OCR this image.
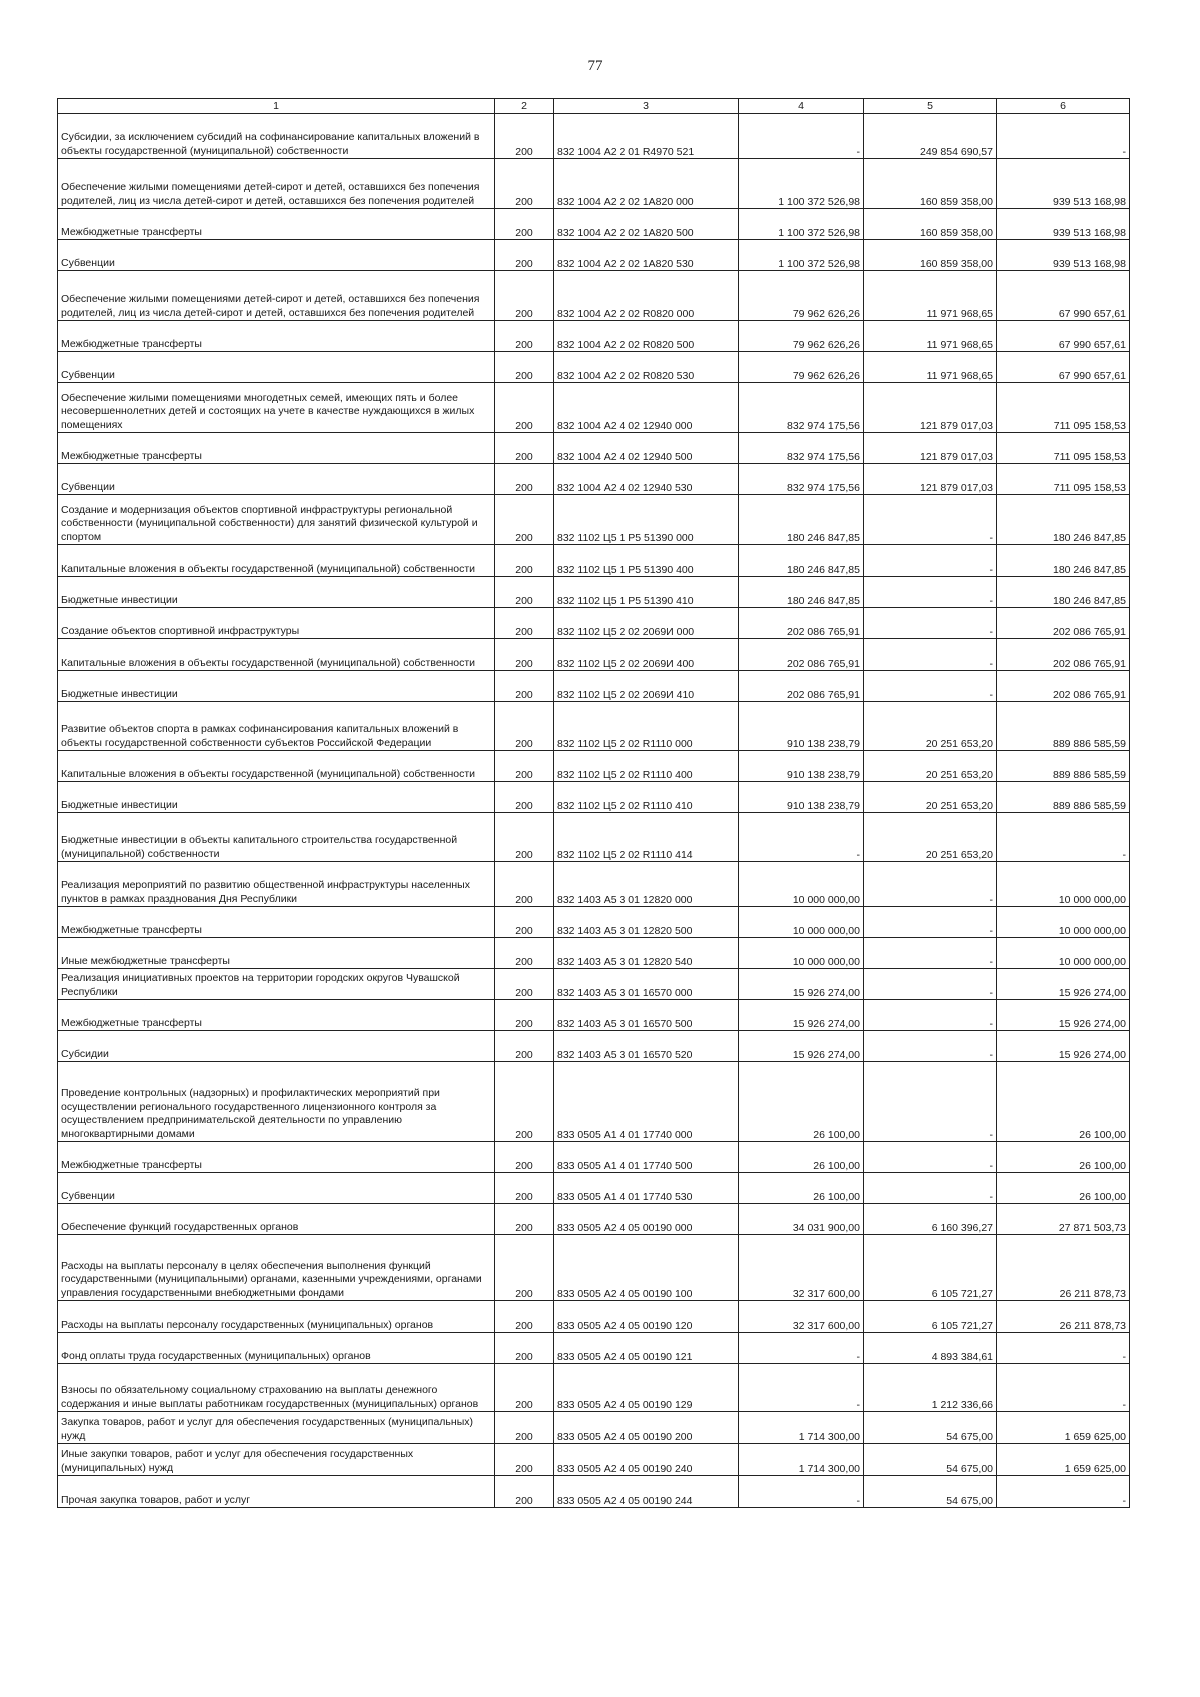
77
1	2	3	4	5	6
Субсидии, за исключением субсидий на софинансирование капитальных вложений в объекты государственной (муниципальной) собственности	200	832 1004 А2 2 01 R4970 521	-	249 854 690,57	-
Обеспечение жилыми помещениями детей-сирот и детей, оставшихся без попечения родителей, лиц из числа детей-сирот и детей, оставшихся без попечения родителей	200	832 1004 А2 2 02 1А820 000	1 100 372 526,98	160 859 358,00	939 513 168,98
Межбюджетные трансферты	200	832 1004 А2 2 02 1А820 500	1 100 372 526,98	160 859 358,00	939 513 168,98
Субвенции	200	832 1004 А2 2 02 1А820 530	1 100 372 526,98	160 859 358,00	939 513 168,98
Обеспечение жилыми помещениями детей-сирот и детей, оставшихся без попечения родителей, лиц из числа детей-сирот и детей, оставшихся без попечения родителей	200	832 1004 А2 2 02 R0820 000	79 962 626,26	11 971 968,65	67 990 657,61
Межбюджетные трансферты	200	832 1004 А2 2 02 R0820 500	79 962 626,26	11 971 968,65	67 990 657,61
Субвенции	200	832 1004 А2 2 02 R0820 530	79 962 626,26	11 971 968,65	67 990 657,61
Обеспечение жилыми помещениями многодетных семей, имеющих пять и более несовершеннолетних детей и состоящих на учете в качестве нуждающихся в жилых помещениях	200	832 1004 А2 4 02 12940 000	832 974 175,56	121 879 017,03	711 095 158,53
Межбюджетные трансферты	200	832 1004 А2 4 02 12940 500	832 974 175,56	121 879 017,03	711 095 158,53
Субвенции	200	832 1004 А2 4 02 12940 530	832 974 175,56	121 879 017,03	711 095 158,53
Создание и модернизация объектов спортивной инфраструктуры региональной собственности (муниципальной собственности) для занятий физической культурой и спортом	200	832 1102 Ц5 1 Р5 51390 000	180 246 847,85	-	180 246 847,85
Капитальные вложения в объекты государственной (муниципальной) собственности	200	832 1102 Ц5 1 Р5 51390 400	180 246 847,85	-	180 246 847,85
Бюджетные инвестиции	200	832 1102 Ц5 1 Р5 51390 410	180 246 847,85	-	180 246 847,85
Создание объектов спортивной инфраструктуры	200	832 1102 Ц5 2 02 2069И 000	202 086 765,91	-	202 086 765,91
Капитальные вложения в объекты государственной (муниципальной) собственности	200	832 1102 Ц5 2 02 2069И 400	202 086 765,91	-	202 086 765,91
Бюджетные инвестиции	200	832 1102 Ц5 2 02 2069И 410	202 086 765,91	-	202 086 765,91
Развитие объектов спорта в рамках софинансирования капитальных вложений в объекты государственной собственности субъектов Российской Федерации	200	832 1102 Ц5 2 02 R1110 000	910 138 238,79	20 251 653,20	889 886 585,59
Капитальные вложения в объекты государственной (муниципальной) собственности	200	832 1102 Ц5 2 02 R1110 400	910 138 238,79	20 251 653,20	889 886 585,59
Бюджетные инвестиции	200	832 1102 Ц5 2 02 R1110 410	910 138 238,79	20 251 653,20	889 886 585,59
Бюджетные инвестиции в объекты капитального строительства государственной (муниципальной) собственности	200	832 1102 Ц5 2 02 R1110 414	-	20 251 653,20	-
Реализация мероприятий по развитию общественной инфраструктуры населенных пунктов в рамках празднования Дня Республики	200	832 1403 А5 3 01 12820 000	10 000 000,00	-	10 000 000,00
Межбюджетные трансферты	200	832 1403 А5 3 01 12820 500	10 000 000,00	-	10 000 000,00
Иные межбюджетные трансферты	200	832 1403 А5 3 01 12820 540	10 000 000,00	-	10 000 000,00
Реализация инициативных проектов на территории городских округов Чувашской Республики	200	832 1403 А5 3 01 16570 000	15 926 274,00	-	15 926 274,00
Межбюджетные трансферты	200	832 1403 А5 3 01 16570 500	15 926 274,00	-	15 926 274,00
Субсидии	200	832 1403 А5 3 01 16570 520	15 926 274,00	-	15 926 274,00
Проведение контрольных (надзорных) и профилактических мероприятий при осуществлении регионального государственного лицензионного контроля за осуществлением предпринимательской деятельности по управлению многоквартирными домами	200	833 0505 А1 4 01 17740 000	26 100,00	-	26 100,00
Межбюджетные трансферты	200	833 0505 А1 4 01 17740 500	26 100,00	-	26 100,00
Субвенции	200	833 0505 А1 4 01 17740 530	26 100,00	-	26 100,00
Обеспечение функций государственных органов	200	833 0505 А2 4 05 00190 000	34 031 900,00	6 160 396,27	27 871 503,73
Расходы на выплаты персоналу в целях обеспечения выполнения функций государственными (муниципальными) органами, казенными учреждениями, органами управления государственными внебюджетными фондами	200	833 0505 А2 4 05 00190 100	32 317 600,00	6 105 721,27	26 211 878,73
Расходы на выплаты персоналу государственных (муниципальных) органов	200	833 0505 А2 4 05 00190 120	32 317 600,00	6 105 721,27	26 211 878,73
Фонд оплаты труда государственных (муниципальных) органов	200	833 0505 А2 4 05 00190 121	-	4 893 384,61	-
Взносы по обязательному социальному страхованию на выплаты денежного содержания и иные выплаты работникам государственных (муниципальных) органов	200	833 0505 А2 4 05 00190 129	-	1 212 336,66	-
Закупка товаров, работ и услуг для обеспечения государственных (муниципальных) нужд	200	833 0505 А2 4 05 00190 200	1 714 300,00	54 675,00	1 659 625,00
Иные закупки товаров, работ и услуг для обеспечения государственных (муниципальных) нужд	200	833 0505 А2 4 05 00190 240	1 714 300,00	54 675,00	1 659 625,00
Прочая закупка товаров, работ и услуг	200	833 0505 А2 4 05 00190 244	-	54 675,00	-
